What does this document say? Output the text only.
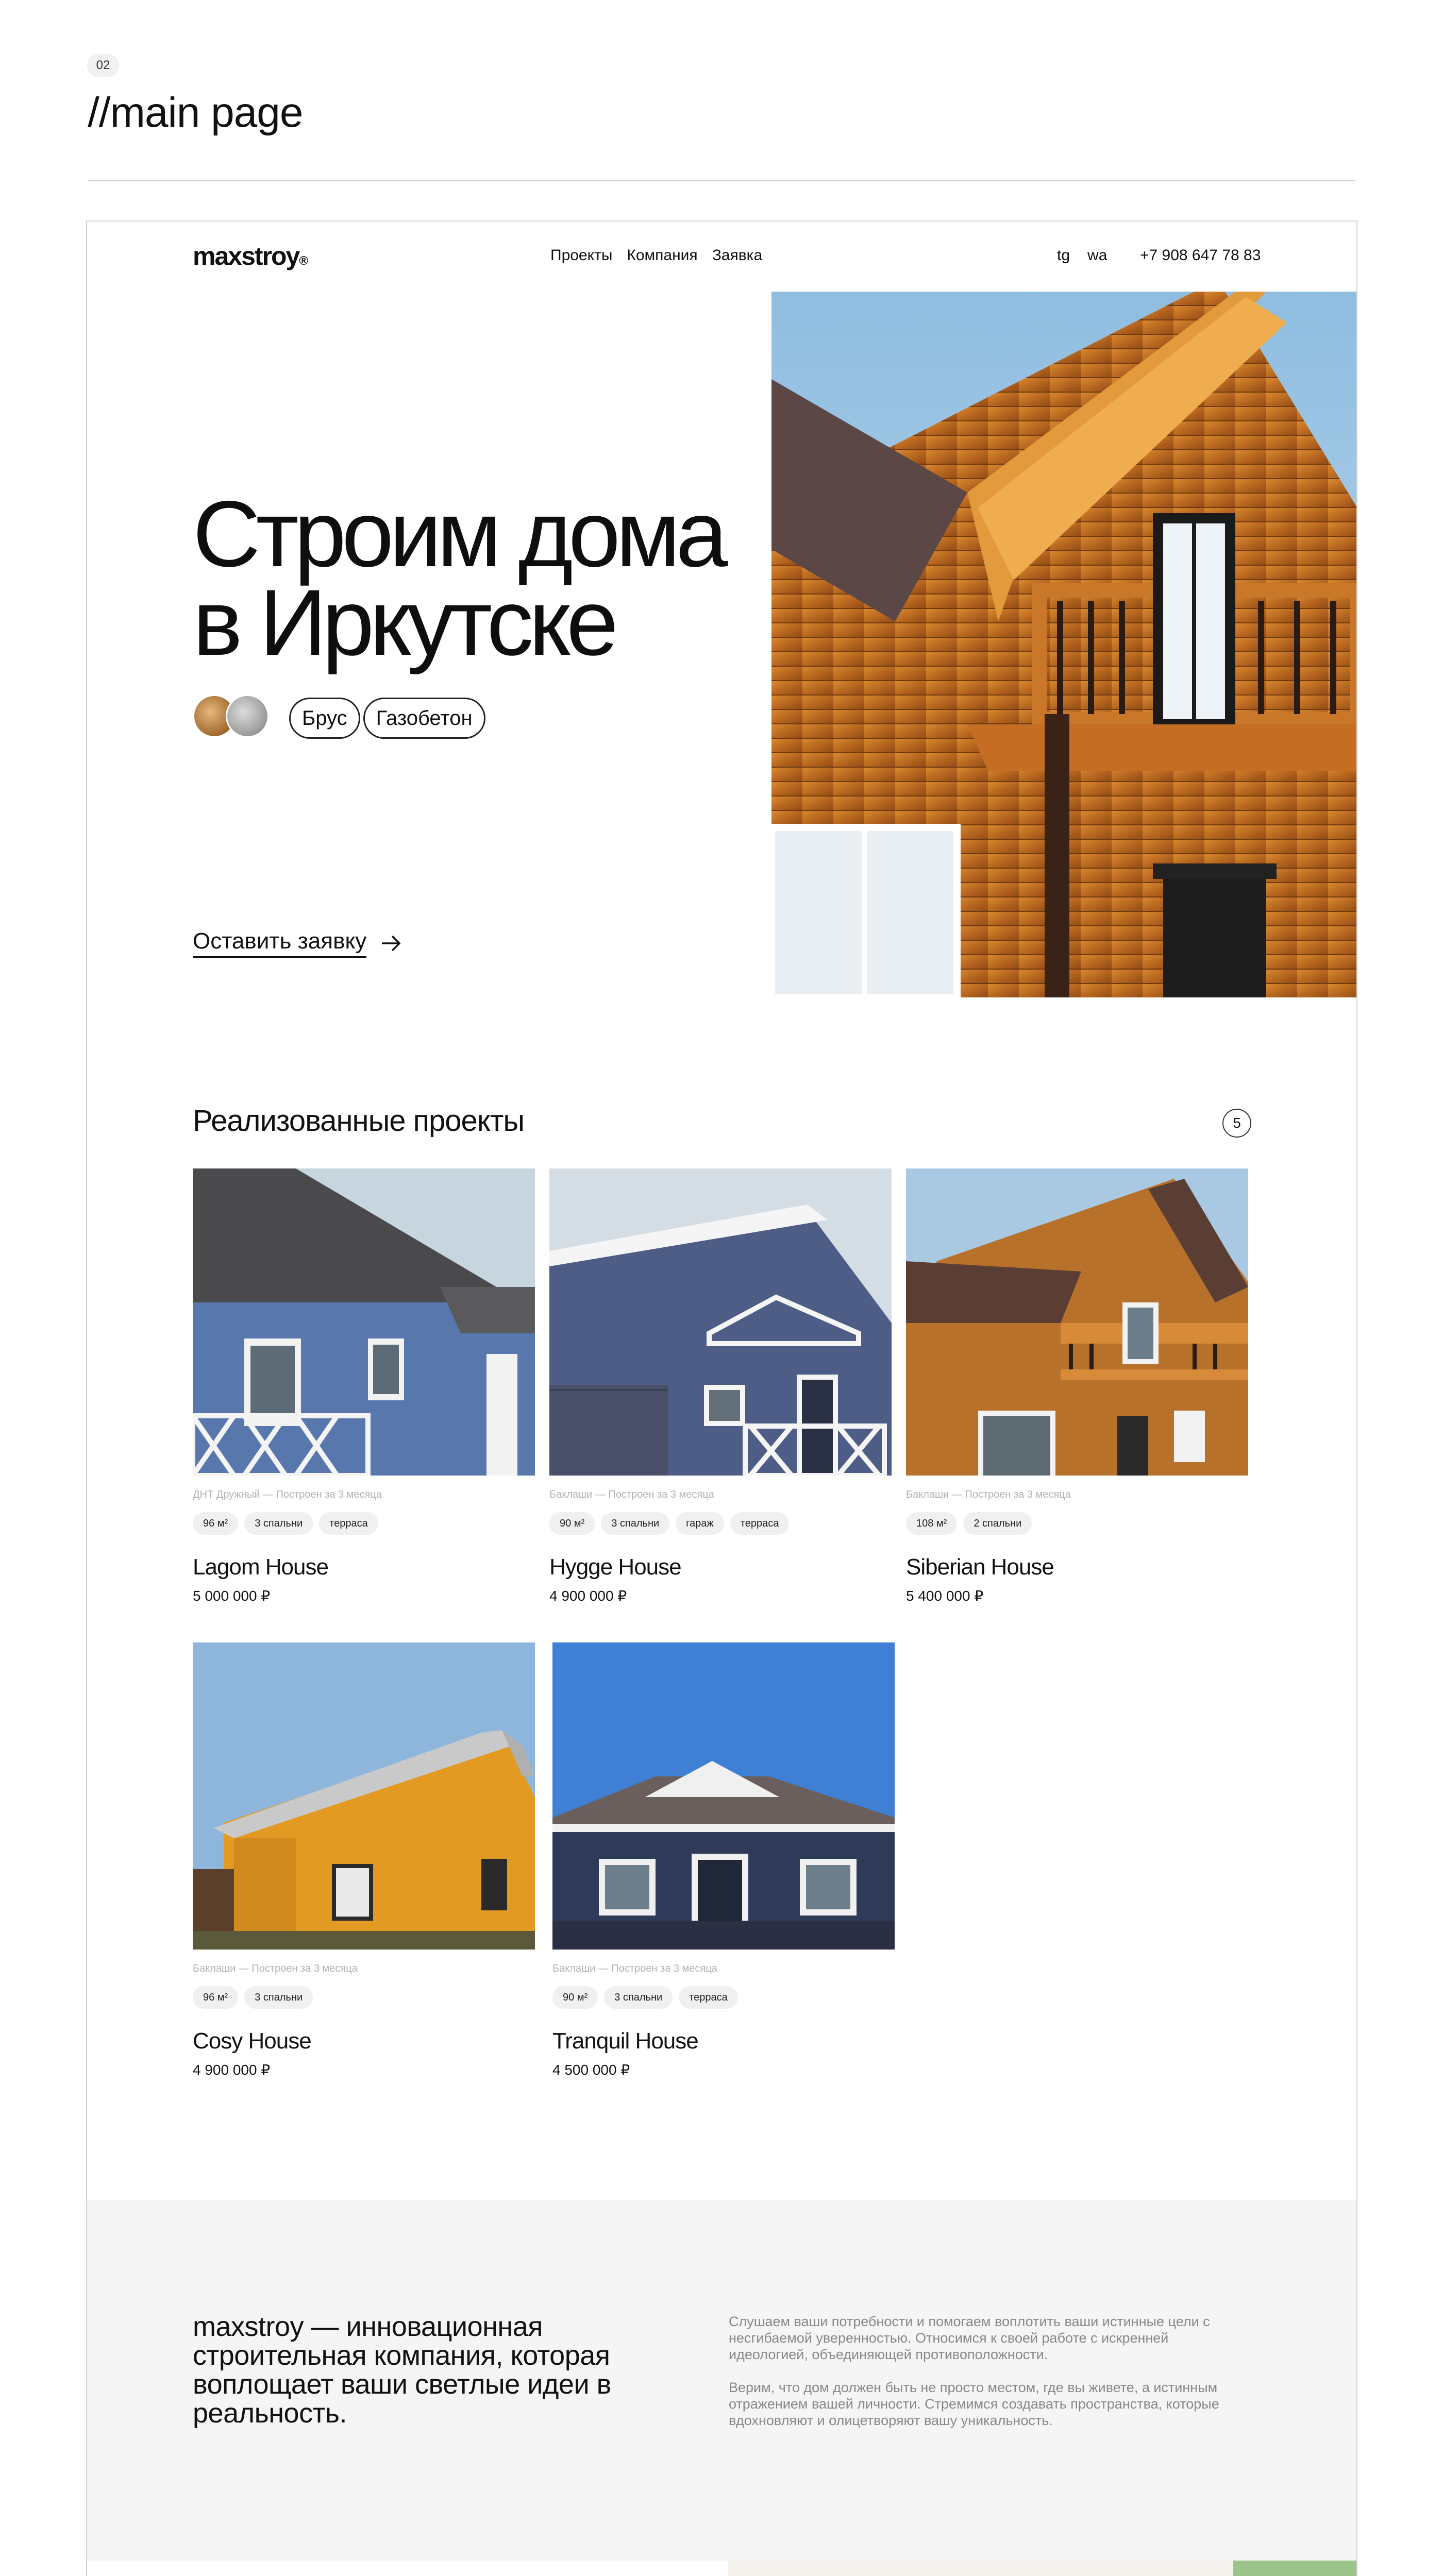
02
//main page
maxstroy®	Проекты Компания Заявка	tg wa +7 908 647 78 83
Строим дома
в Иркутске
Брус	Газобетон
Оставить заявку
Реализованные проекты	5
ДНТ Дружный — Построен за 3 месяца
96 м²	3 спальни	терраса
Lagom House
5 000 000 ₽
Баклаши — Построен за 3 месяца
90 м²	3 спальни	гараж	терраса
Hygge House
4 900 000 ₽
Баклаши — Построен за 3 месяца
108 м²	2 спальни
Siberian House
5 400 000 ₽
Баклаши — Построен за 3 месяца
96 м²	3 спальни
Cosy House
4 900 000 ₽
Баклаши — Построен за 3 месяца
90 м²	3 спальни	терраса
Tranquil House
4 500 000 ₽
maxstroy — инновационная строительная компания, которая воплощает ваши светлые идеи в реальность.

Слушаем ваши потребности и помогаем воплотить ваши истинные цели с несгибаемой уверенностью. Относимся к своей работе с искренней идеологией, объединяющей противоположности.

Верим, что дом должен быть не просто местом, где вы живете, а истинным отражением вашей личности. Стремимся создавать пространства, которые вдохновляют и олицетворяют вашу уникальность.
